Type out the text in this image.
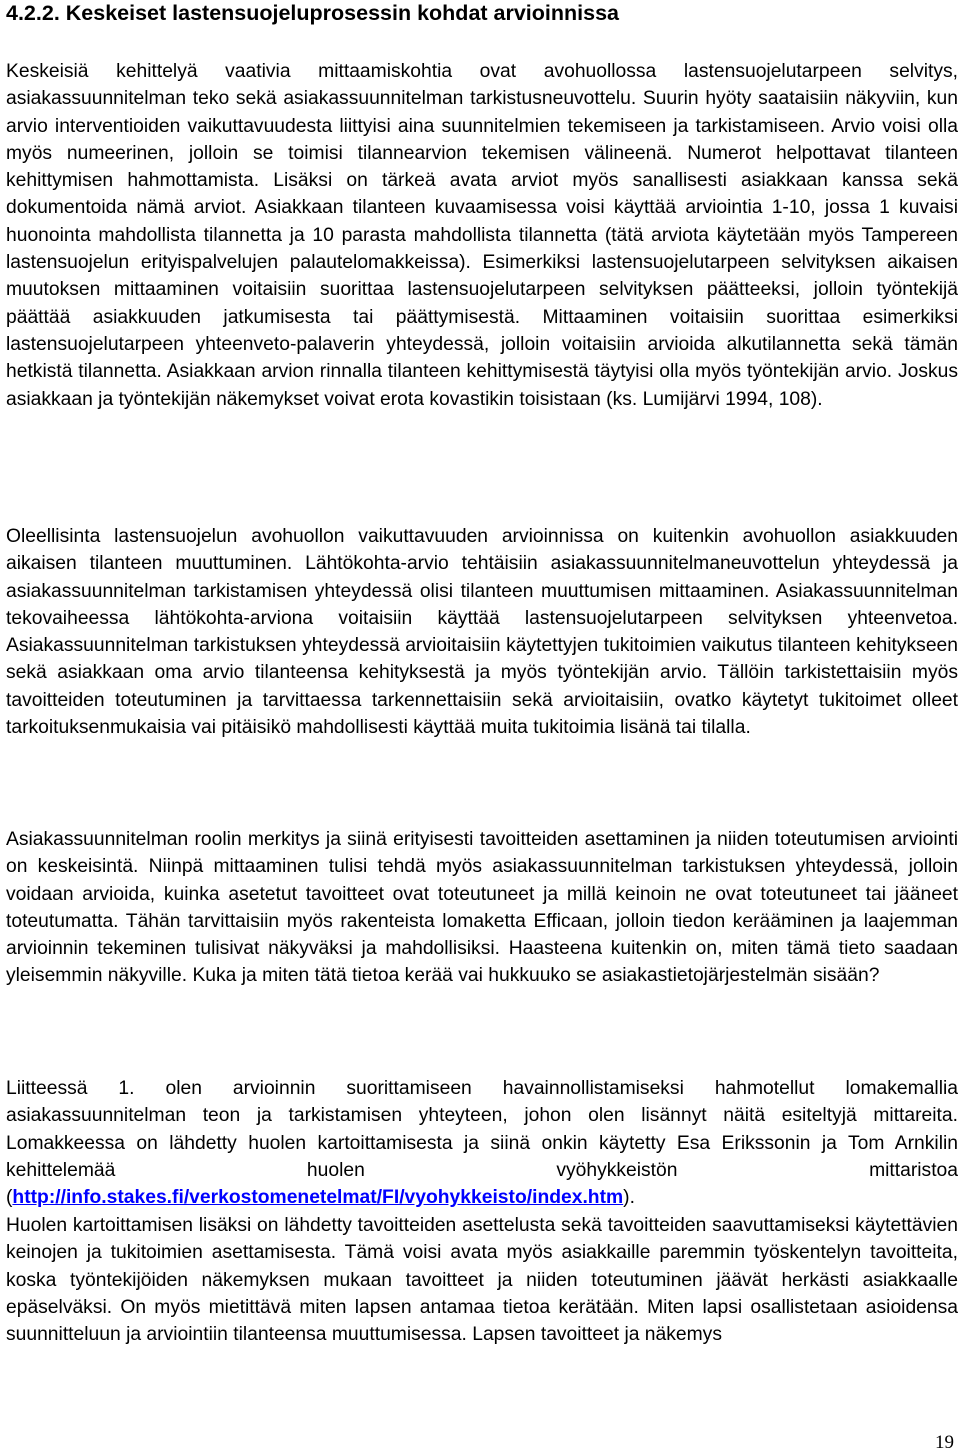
4.2.2. Keskeiset lastensuojeluprosessin kohdat arvioinnissa

Keskeisiä kehittelyä vaativia mittaamiskohtia ovat avohuollossa lastensuojelutarpeen selvitys, asiakassuunnitelman teko sekä asiakassuunnitelman tarkistusneuvottelu. Suurin hyöty saataisiin näkyviin, kun arvio interventioiden vaikuttavuudesta liittyisi aina suunnitelmien tekemiseen ja tarkistamiseen. Arvio voisi olla myös numeerinen, jolloin se toimisi tilannearvion tekemisen välineenä. Numerot helpottavat tilanteen kehittymisen hahmottamista. Lisäksi on tärkeä avata arviot myös sanallisesti asiakkaan kanssa sekä dokumentoida nämä arviot. Asiakkaan tilanteen kuvaamisessa voisi käyttää arviointia 1-10, jossa 1 kuvaisi huonointa mahdollista tilannetta ja 10 parasta mahdollista tilannetta (tätä arviota käytetään myös Tampereen lastensuojelun erityispalvelujen palautelomakkeissa). Esimerkiksi lastensuojelutarpeen selvityksen aikaisen muutoksen mittaaminen voitaisiin suorittaa lastensuojelutarpeen selvityksen päätteeksi, jolloin työntekijä päättää asiakkuuden jatkumisesta tai päättymisestä. Mittaaminen voitaisiin suorittaa esimerkiksi lastensuojelutarpeen yhteenveto-palaverin yhteydessä, jolloin voitaisiin arvioida alkutilannetta sekä tämän hetkistä tilannetta. Asiakkaan arvion rinnalla tilanteen kehittymisestä täytyisi olla myös työntekijän arvio. Joskus asiakkaan ja työntekijän näkemykset voivat erota kovastikin toisistaan (ks. Lumijärvi 1994, 108).

Oleellisinta lastensuojelun avohuollon vaikuttavuuden arvioinnissa on kuitenkin avohuollon asiakkuuden aikaisen tilanteen muuttuminen. Lähtökohta-arvio tehtäisiin asiakassuunnitelmaneuvottelun yhteydessä ja asiakassuunnitelman tarkistamisen yhteydessä olisi tilanteen muuttumisen mittaaminen. Asiakassuunnitelman tekovaiheessa lähtökohta-arviona voitaisiin käyttää lastensuojelutarpeen selvityksen yhteenvetoa. Asiakassuunnitelman tarkistuksen yhteydessä arvioitaisiin käytettyjen tukitoimien vaikutus tilanteen kehitykseen sekä asiakkaan oma arvio tilanteensa kehityksestä ja myös työntekijän arvio. Tällöin tarkistettaisiin myös tavoitteiden toteutuminen ja tarvittaessa tarkennettaisiin sekä arvioitaisiin, ovatko käytetyt tukitoimet olleet tarkoituksenmukaisia vai pitäisikö mahdollisesti käyttää muita tukitoimia lisänä tai tilalla.

Asiakassuunnitelman roolin merkitys ja siinä erityisesti tavoitteiden asettaminen ja niiden toteutumisen arviointi on keskeisintä. Niinpä mittaaminen tulisi tehdä myös asiakassuunnitelman tarkistuksen yhteydessä, jolloin voidaan arvioida, kuinka asetetut tavoitteet ovat toteutuneet ja millä keinoin ne ovat toteutuneet tai jääneet toteutumatta. Tähän tarvittaisiin myös rakenteista lomaketta Efficaan, jolloin tiedon kerääminen ja laajemman arvioinnin tekeminen tulisivat näkyväksi ja mahdollisiksi. Haasteena kuitenkin on, miten tämä tieto saadaan yleisemmin näkyville. Kuka ja miten tätä tietoa kerää vai hukkuuko se asiakastietojärjestelmän sisään?

Liitteessä 1. olen arvioinnin suorittamiseen havainnollistamiseksi hahmotellut lomakemallia asiakassuunnitelman teon ja tarkistamisen yhteyteen, johon olen lisännyt näitä esiteltyjä mittareita. Lomakkeessa on lähdetty huolen kartoittamisesta ja siinä onkin käytetty Esa Erikssonin ja Tom Arnkilin kehittelemää huolen vyöhykkeistön mittaristoa (http://info.stakes.fi/verkostomenetelmat/FI/vyohykkeisto/index.htm).

Huolen kartoittamisen lisäksi on lähdetty tavoitteiden asettelusta sekä tavoitteiden saavuttamiseksi käytettävien keinojen ja tukitoimien asettamisesta. Tämä voisi avata myös asiakkaille paremmin työskentelyn tavoitteita, koska työntekijöiden näkemyksen mukaan tavoitteet ja niiden toteutuminen jäävät herkästi asiakkaalle epäselväksi. On myös mietittävä miten lapsen antamaa tietoa kerätään. Miten lapsi osallistetaan asioidensa suunnitteluun ja arviointiin tilanteensa muuttumisessa. Lapsen tavoitteet ja näkemys

19
